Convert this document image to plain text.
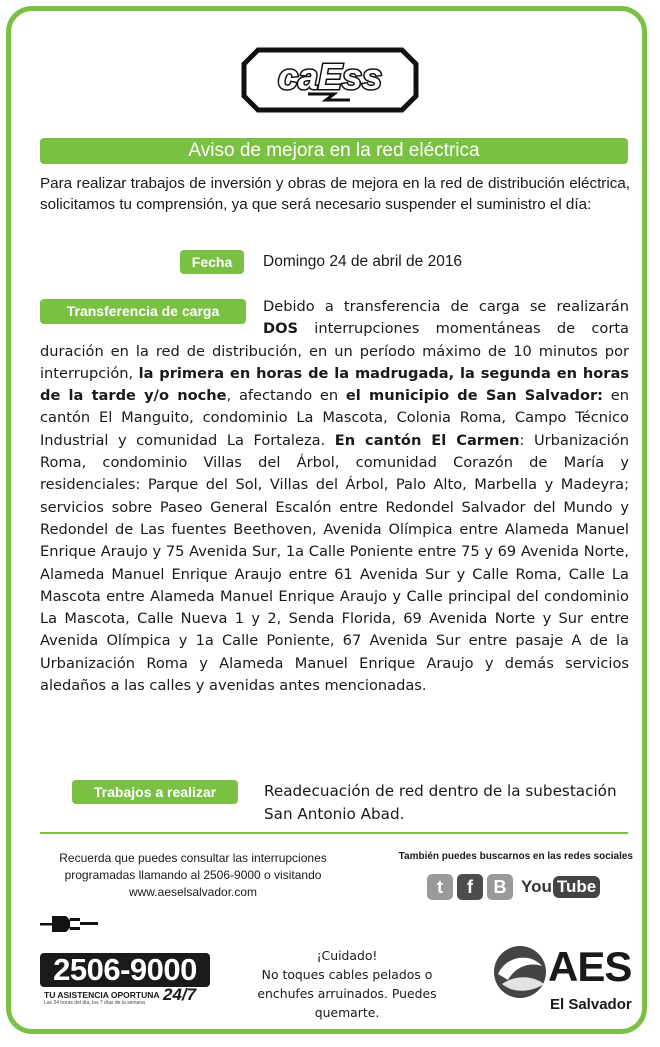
caEss
Aviso de mejora en la red eléctrica
Para realizar trabajos de inversión y obras de mejora en la red de distribución eléctrica, solicitamos tu comprensión, ya que será necesario suspender el suministro el día:
Fecha	Domingo 24 de abril de 2016
Transferencia de carga	Debido a transferencia de carga se realizarán DOS interrupciones momentáneas de corta duración en la red de distribución, en un período máximo de 10 minutos por interrupción, la primera en horas de la madrugada, la segunda en horas de la tarde y/o noche, afectando en el municipio de San Salvador: en cantón El Manguito, condominio La Mascota, Colonia Roma, Campo Técnico Industrial y comunidad La Fortaleza. En cantón El Carmen: Urbanización Roma, condominio Villas del Árbol, comunidad Corazón de María y residenciales: Parque del Sol, Villas del Árbol, Palo Alto, Marbella y Madeyra; servicios sobre Paseo General Escalón entre Redondel Salvador del Mundo y Redondel de Las fuentes Beethoven, Avenida Olímpica entre Alameda Manuel Enrique Araujo y 75 Avenida Sur, 1a Calle Poniente entre 75 y 69 Avenida Norte, Alameda Manuel Enrique Araujo entre 61 Avenida Sur y Calle Roma, Calle La Mascota entre Alameda Manuel Enrique Araujo y Calle principal del condominio La Mascota, Calle Nueva 1 y 2, Senda Florida, 69 Avenida Norte y Sur entre Avenida Olímpica y 1a Calle Poniente, 67 Avenida Sur entre pasaje A de la Urbanización Roma y Alameda Manuel Enrique Araujo y demás servicios aledaños a las calles y avenidas antes mencionadas.
Trabajos a realizar	Readecuación de red dentro de la subestación San Antonio Abad.
Recuerda que puedes consultar las interrupciones programadas llamando al 2506-9000 o visitando www.aeselsalvador.com
También puedes buscarnos en las redes sociales
t	f	B You Tube
2506-9000
TU ASISTENCIA OPORTUNA
Las 24 horas del día, los 7 días de la semana 24/7
¡Cuidado!
No toques cables pelados o enchufes arruinados. Puedes quemarte.
AES
El Salvador
